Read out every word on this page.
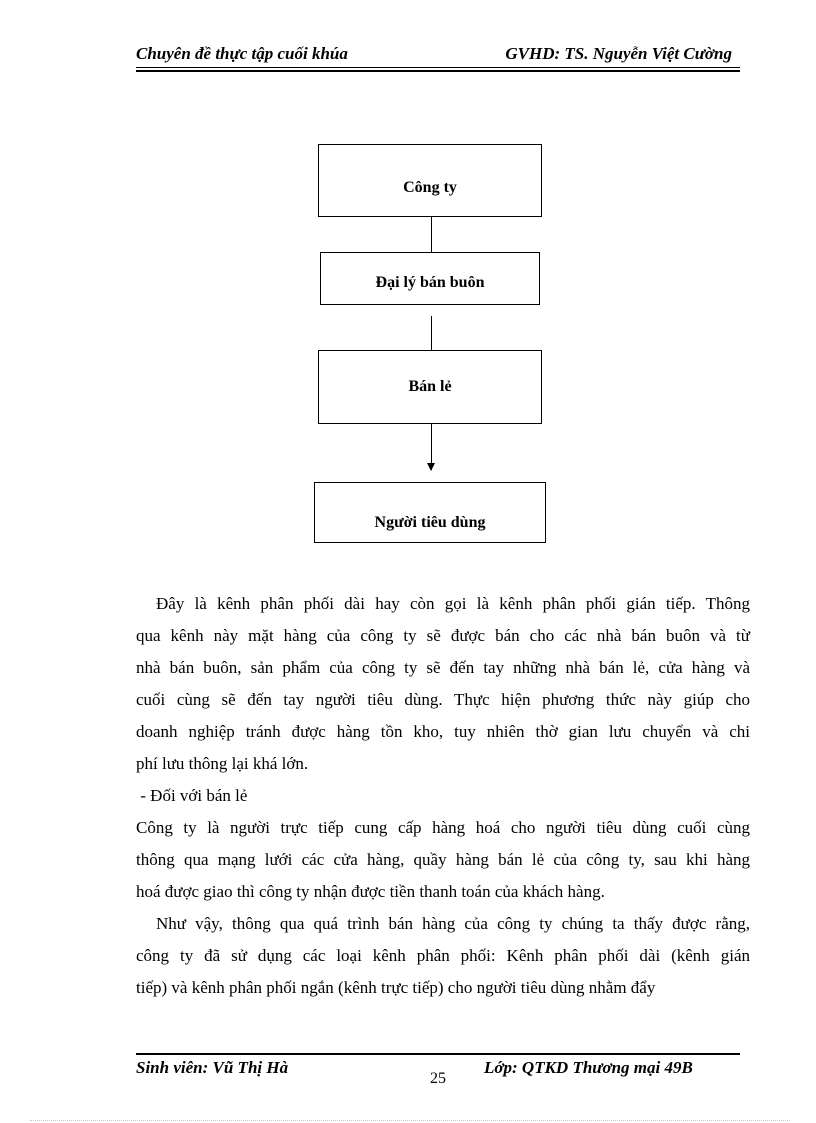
Chuyên đề thực tập cuối khúa	GVHD: TS. Nguyễn Việt Cường
Công ty
Đại lý bán buôn
Bán lẻ
Người tiêu dùng
Đây là kênh phân phối dài hay còn gọi là kênh phân phối gián tiếp. Thông
qua kênh này mặt hàng của công ty sẽ được bán cho các nhà bán buôn và từ
nhà bán buôn, sản phẩm của công ty sẽ đến tay những nhà bán lẻ, cửa hàng và
cuối cùng sẽ đến tay người tiêu dùng. Thực hiện phương thức này giúp cho
doanh nghiệp tránh được hàng tồn kho, tuy nhiên thờ gian lưu chuyển và chi
phí lưu thông lại khá lớn.
- Đối với bán lẻ
Công ty là người trực tiếp cung cấp hàng hoá cho người tiêu dùng cuối cùng
thông qua mạng lưới các cửa hàng, quầy hàng bán lẻ của công ty, sau khi hàng
hoá được giao thì công ty nhận được tiền thanh toán của khách hàng.
Như vậy, thông qua quá trình bán hàng của công ty chúng ta thấy được rằng,
công ty đã sử dụng các loại kênh phân phối: Kênh phân phối dài (kênh gián
tiếp) và kênh phân phối ngắn (kênh trực tiếp) cho người tiêu dùng nhằm đẩy
Sinh viên: Vũ Thị Hà
25
Lớp: QTKD Thương mại 49B
